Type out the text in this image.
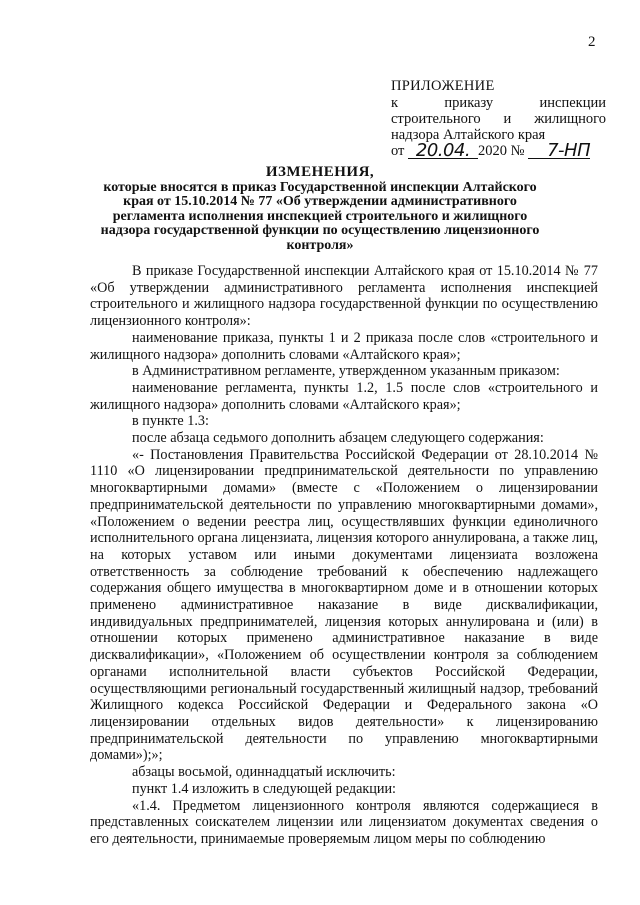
2
ПРИЛОЖЕНИЕ
к приказу инспекции
строительного и жилищного
надзора Алтайского края
от 20.04. 2020 № 7-НП
ИЗМЕНЕНИЯ,
которые вносятся в приказ Государственной инспекции Алтайского края от 15.10.2014 № 77 «Об утверждении административного регламента исполнения инспекцией строительного и жилищного надзора государственной функции по осуществлению лицензионного контроля»

В приказе Государственной инспекции Алтайского края от 15.10.2014 № 77 «Об утверждении административного регламента исполнения инспекцией строительного и жилищного надзора государственной функции по осуществлению лицензионного контроля»:

наименование приказа, пункты 1 и 2 приказа после слов «строительного и жилищного надзора» дополнить словами «Алтайского края»;

в Административном регламенте, утвержденном указанным приказом:

наименование регламента, пункты 1.2, 1.5 после слов «строительного и жилищного надзора» дополнить словами «Алтайского края»;

в пункте 1.3:

после абзаца седьмого дополнить абзацем следующего содержания:

«- Постановления Правительства Российской Федерации от 28.10.2014 № 1110 «О лицензировании предпринимательской деятельности по управлению многоквартирными домами» (вместе с «Положением о лицензировании предпринимательской деятельности по управлению многоквартирными домами», «Положением о ведении реестра лиц, осуществлявших функции единоличного исполнительного органа лицензиата, лицензия которого аннулирована, а также лиц, на которых уставом или иными документами лицензиата возложена ответственность за соблюдение требований к обеспечению надлежащего содержания общего имущества в многоквартирном доме и в отношении которых применено административное наказание в виде дисквалификации, индивидуальных предпринимателей, лицензия которых аннулирована и (или) в отношении которых применено административное наказание в виде дисквалификации», «Положением об осуществлении контроля за соблюдением органами исполнительной власти субъектов Российской Федерации, осуществляющими региональный государственный жилищный надзор, требований Жилищного кодекса Российской Федерации и Федерального закона «О лицензировании отдельных видов деятельности» к лицензированию предпринимательской деятельности по управлению многоквартирными домами»);»;

абзацы восьмой, одиннадцатый исключить:

пункт 1.4 изложить в следующей редакции:

«1.4. Предметом лицензионного контроля являются содержащиеся в представленных соискателем лицензии или лицензиатом документах сведения о его деятельности, принимаемые проверяемым лицом меры по соблюдению
